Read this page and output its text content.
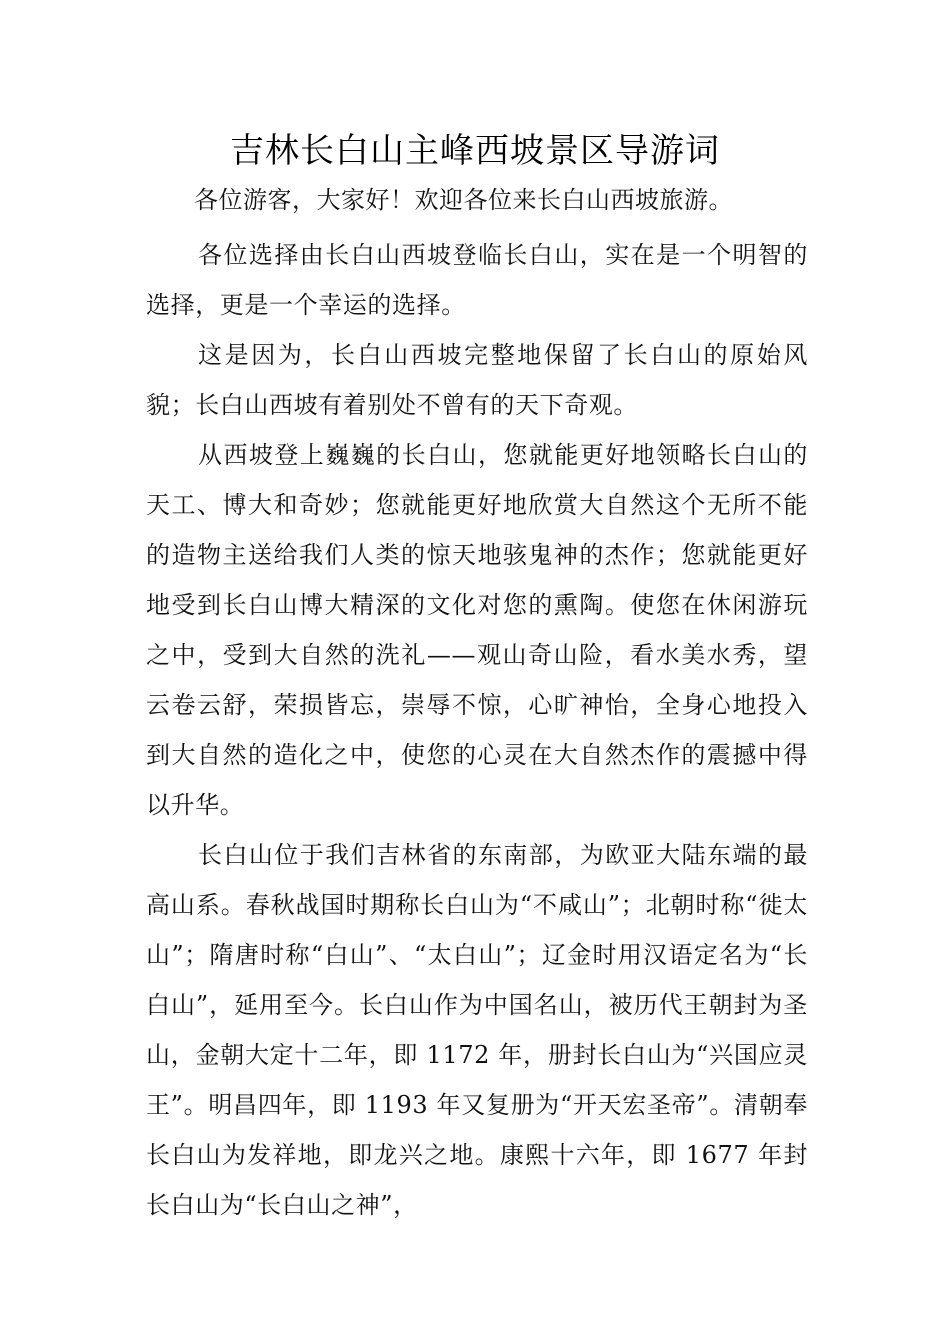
吉林长白山主峰西坡景区导游词
各位游客，大家好！欢迎各位来长白山西坡旅游。

各位选择由长白山西坡登临长白山，实在是一个明智的选择，更是一个幸运的选择。

这是因为，长白山西坡完整地保留了长白山的原始风貌；长白山西坡有着别处不曾有的天下奇观。

从西坡登上巍巍的长白山，您就能更好地领略长白山的天工、博大和奇妙；您就能更好地欣赏大自然这个无所不能的造物主送给我们人类的惊天地骇鬼神的杰作；您就能更好地受到长白山博大精深的文化对您的熏陶。使您在休闲游玩之中，受到大自然的洗礼——观山奇山险，看水美水秀，望云卷云舒，荣损皆忘，崇辱不惊，心旷神怡，全身心地投入到大自然的造化之中，使您的心灵在大自然杰作的震撼中得以升华。

长白山位于我们吉林省的东南部，为欧亚大陆东端的最高山系。春秋战国时期称长白山为“不咸山”；北朝时称“徙太山”；隋唐时称“白山”、“太白山”；辽金时用汉语定名为“长白山”，延用至今。长白山作为中国名山，被历代王朝封为圣山，金朝大定十二年，即 1172 年，册封长白山为“兴国应灵王”。明昌四年，即 1193 年又复册为“开天宏圣帝”。清朝奉长白山为发祥地，即龙兴之地。康熙十六年，即 1677 年封长白山为“长白山之神”，
